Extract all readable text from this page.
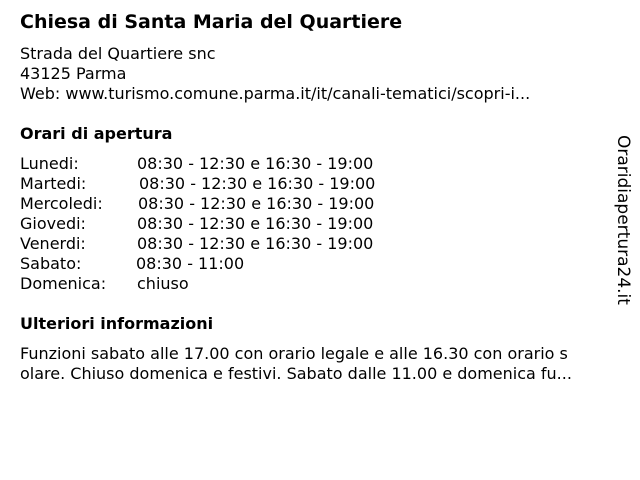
Chiesa di Santa Maria del Quartiere
Strada del Quartiere snc
43125 Parma
Web: www.turismo.comune.parma.it/it/canali-tematici/scopri-i...
Orari di apertura
Lunedi:	08:30 - 12:30 e 16:30 - 19:00
Martedi:	08:30 - 12:30 e 16:30 - 19:00
Mercoledi: 08:30 - 12:30 e 16:30 - 19:00
Giovedi:	08:30 - 12:30 e 16:30 - 19:00
Venerdi:	08:30 - 12:30 e 16:30 - 19:00
Sabato:	08:30 - 11:00
Domenica: chiuso
Ulteriori informazioni
Funzioni sabato alle 17.00 con orario legale e alle 16.30 con orario s
olare. Chiuso domenica e festivi. Sabato dalle 11.00 e domenica fu...
Oraridiapertura24.it
